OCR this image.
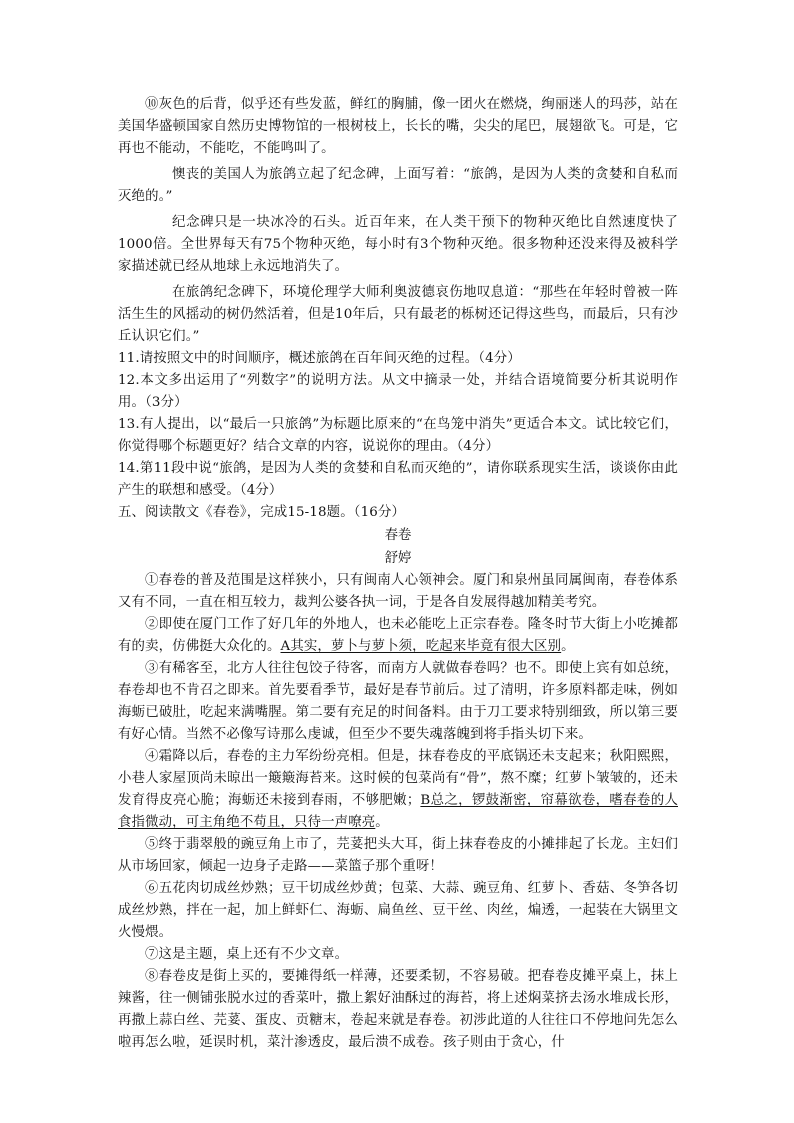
⑩灰色的后背，似乎还有些发蓝，鲜红的胸脯，像一团火在燃烧，绚丽迷人的玛莎，站在美国华盛顿国家自然历史博物馆的一根树枝上，长长的嘴，尖尖的尾巴，展翅欲飞。可是，它再也不能动，不能吃，不能鸣叫了。

懊丧的美国人为旅鸽立起了纪念碑，上面写着：“旅鸽，是因为人类的贪婪和自私而灭绝的。”

纪念碑只是一块冰冷的石头。近百年来，在人类干预下的物种灭绝比自然速度快了1000倍。全世界每天有75个物种灭绝，每小时有3个物种灭绝。很多物种还没来得及被科学家描述就已经从地球上永远地消失了。

在旅鸽纪念碑下，环境伦理学大师利奥波德哀伤地叹息道：“那些在年轻时曾被一阵活生生的风摇动的树仍然活着，但是10年后，只有最老的栎树还记得这些鸟，而最后，只有沙丘认识它们。”

11.请按照文中的时间顺序，概述旅鸽在百年间灭绝的过程。（4分）

12.本文多出运用了“列数字”的说明方法。从文中摘录一处，并结合语境简要分析其说明作用。（3分）

13.有人提出，以“最后一只旅鸽”为标题比原来的“在鸟笼中消失”更适合本文。试比较它们，你觉得哪个标题更好？结合文章的内容，说说你的理由。（4分）

14.第11段中说“旅鸽，是因为人类的贪婪和自私而灭绝的”，请你联系现实生活，谈谈你由此产生的联想和感受。（4分）

五、阅读散文《春卷》，完成15-18题。（16分）

春卷

舒婷

①春卷的普及范围是这样狭小，只有闽南人心领神会。厦门和泉州虽同属闽南，春卷体系又有不同，一直在相互较力，裁判公婆各执一词，于是各自发展得越加精美考究。

②即使在厦门工作了好几年的外地人，也未必能吃上正宗春卷。隆冬时节大街上小吃摊都有的卖，仿佛挺大众化的。A其实，萝卜与萝卜须，吃起来毕竟有很大区别。

③有稀客至，北方人往往包饺子待客，而南方人就做春卷吗？也不。即使上宾有如总统，春卷却也不肯召之即来。首先要看季节，最好是春节前后。过了清明，许多原料都走味，例如海蛎已破肚，吃起来满嘴腥。第二要有充足的时间备料。由于刀工要求特别细致，所以第三要有好心情。当然不必像写诗那么虔诚，但至少不要失魂落魄到将手指头切下来。

④霜降以后，春卷的主力军纷纷亮相。但是，抹春卷皮的平底锅还未支起来；秋阳熙熙，小巷人家屋顶尚未晾出一簸簸海苔来。这时候的包菜尚有“骨”，熬不糜；红萝卜皱皱的，还未发育得皮亮心脆；海蛎还未接到春雨，不够肥嫩；B总之，锣鼓渐密，帘幕欲卷，嗜春卷的人食指微动，可主角绝不苟且，只待一声嘹亮。

⑤终于翡翠般的豌豆角上市了，芫荽把头大耳，街上抹春卷皮的小摊排起了长龙。主妇们从市场回家，倾起一边身子走路——菜篮子那个重呀！

⑥五花肉切成丝炒熟；豆干切成丝炒黄；包菜、大蒜、豌豆角、红萝卜、香菇、冬笋各切成丝炒熟，拌在一起，加上鲜虾仁、海蛎、扁鱼丝、豆干丝、肉丝，煸透，一起装在大锅里文火慢煨。

⑦这是主题，桌上还有不少文章。

⑧春卷皮是街上买的，要摊得纸一样薄，还要柔韧，不容易破。把春卷皮摊平桌上，抹上辣酱，往一侧铺张脱水过的香菜叶，撒上絮好油酥过的海苔，将上述焖菜挤去汤水堆成长形，再撒上蒜白丝、芫荽、蛋皮、贡糖末，卷起来就是春卷。初涉此道的人往往口不停地问先怎么啦再怎么啦，延误时机，菜汁渗透皮，最后溃不成卷。孩子则由于贪心，什
